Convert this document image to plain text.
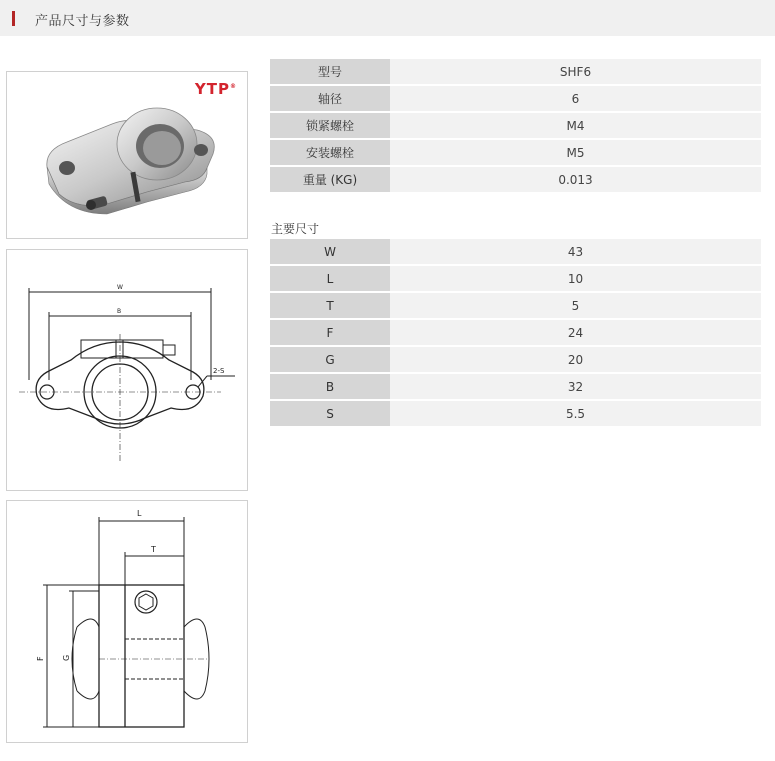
产品尺寸与参数
YTP®
W
B
2-S
L
T
F G
型号	SHF6
轴径	6
锁紧螺栓	M4
安装螺栓	M5
重量 (KG)	0.013
主要尺寸
W	43
L	10
T	5
F	24
G	20
B	32
S	5.5
